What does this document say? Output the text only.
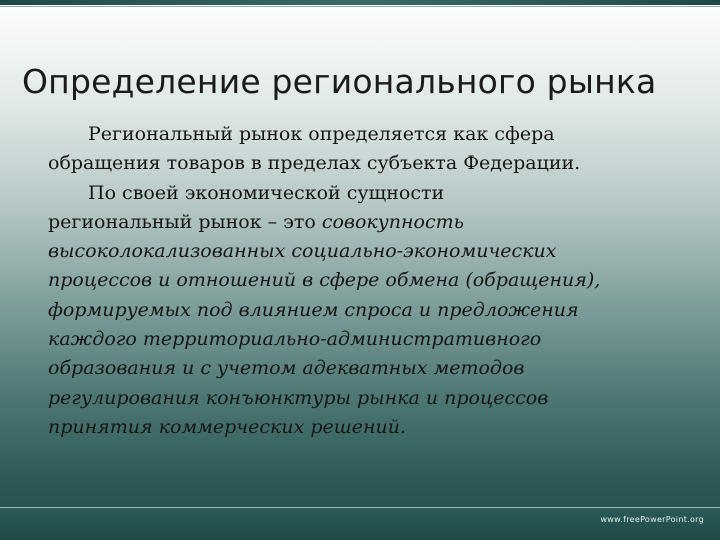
Определение регионального рынка
Региональный рынок определяется как сфера
обращения товаров в пределах субъекта Федерации.
По своей экономической сущности
региональный рынок – это совокупность
высоколокализованных социально-экономических
процессов и отношений в сфере обмена (обращения),
формируемых под влиянием спроса и предложения
каждого территориально-административного
образования и с учетом адекватных методов
регулирования конъюнктуры рынка и процессов
принятия коммерческих решений.
www.freePowerPoint.org
